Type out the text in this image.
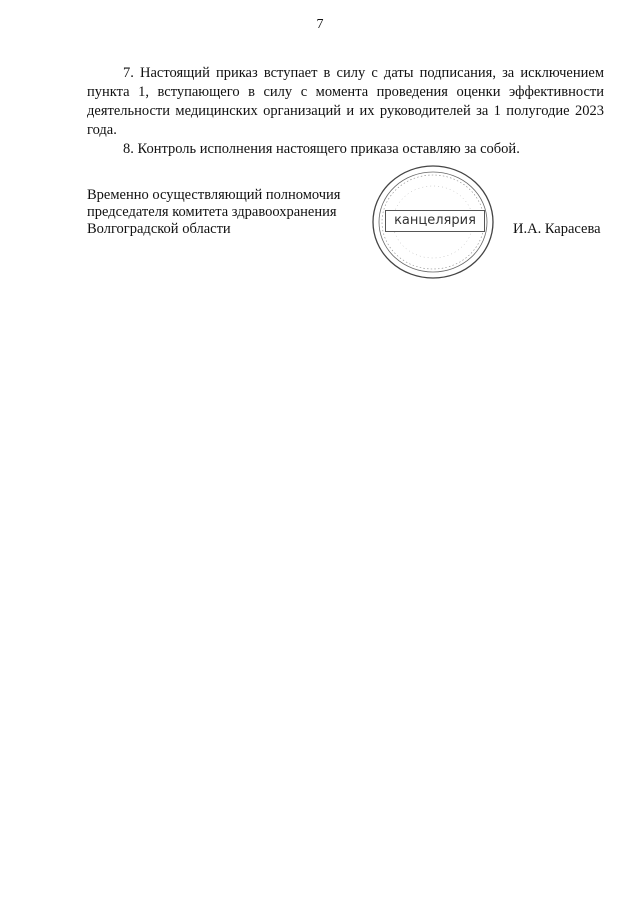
7

7. Настоящий приказ вступает в силу с даты подписания, за исключением пункта 1, вступающего в силу с момента проведения оценки эффективности деятельности медицинских организаций и их руководителей за 1 полугодие 2023 года.

8. Контроль исполнения настоящего приказа оставляю за собой.

Временно осуществляющий полномочия
председателя комитета здравоохранения
Волгоградской области
канцелярия
И.А. Карасева
